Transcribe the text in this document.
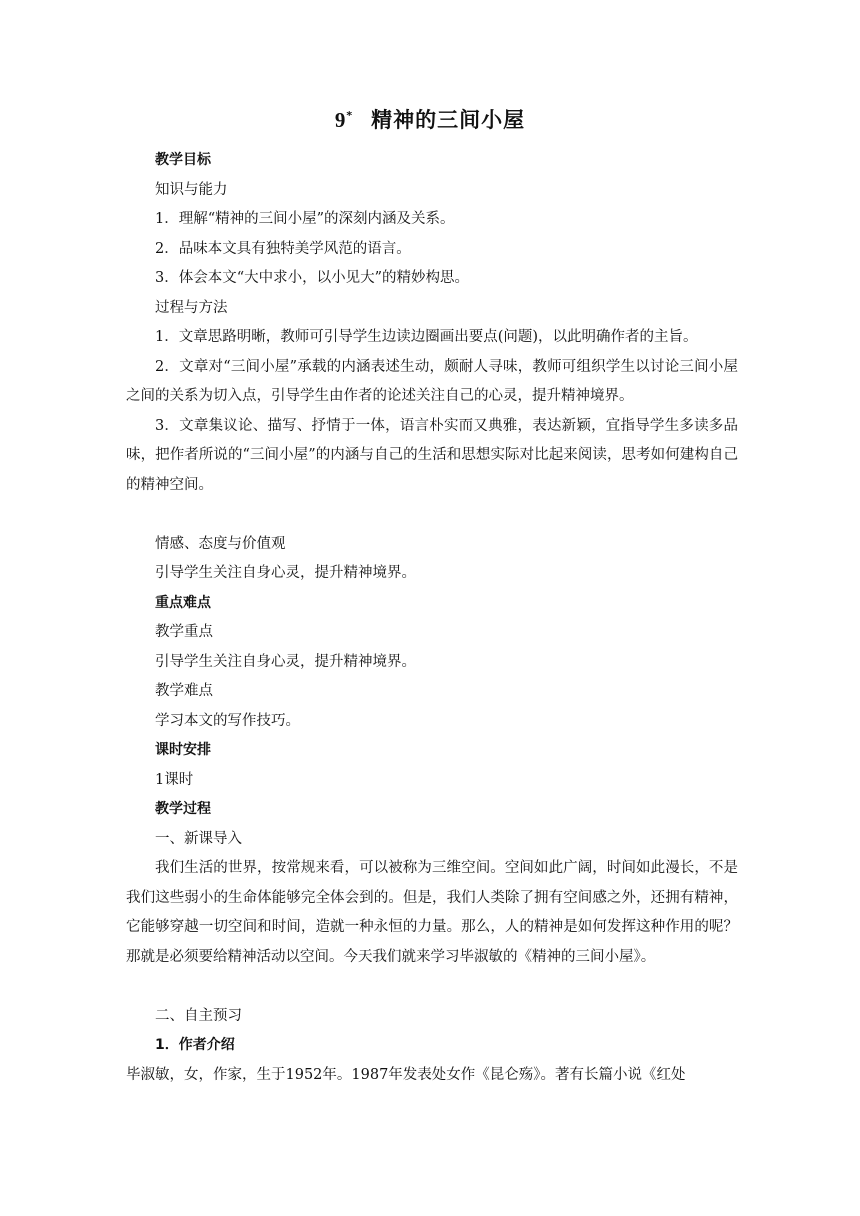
9* 精神的三间小屋

教学目标

知识与能力

1．理解“精神的三间小屋”的深刻内涵及关系。

2．品味本文具有独特美学风范的语言。

3．体会本文“大中求小，以小见大”的精妙构思。

过程与方法

1．文章思路明晰，教师可引导学生边读边圈画出要点(问题)，以此明确作者的主旨。

2．文章对“三间小屋”承载的内涵表述生动，颇耐人寻味，教师可组织学生以讨论三间小屋之间的关系为切入点，引导学生由作者的论述关注自己的心灵，提升精神境界。

3．文章集议论、描写、抒情于一体，语言朴实而又典雅，表达新颖，宜指导学生多读多品味，把作者所说的“三间小屋”的内涵与自己的生活和思想实际对比起来阅读，思考如何建构自己的精神空间。

情感、态度与价值观

引导学生关注自身心灵，提升精神境界。

重点难点

教学重点

引导学生关注自身心灵，提升精神境界。

教学难点

学习本文的写作技巧。

课时安排

1课时

教学过程

一、新课导入

我们生活的世界，按常规来看，可以被称为三维空间。空间如此广阔，时间如此漫长，不是我们这些弱小的生命体能够完全体会到的。但是，我们人类除了拥有空间感之外，还拥有精神，它能够穿越一切空间和时间，造就一种永恒的力量。那么，人的精神是如何发挥这种作用的呢？那就是必须要给精神活动以空间。今天我们就来学习毕淑敏的《精神的三间小屋》。

二、自主预习

1．作者介绍

毕淑敏，女，作家，生于1952年。1987年发表处女作《昆仑殇》。著有长篇小说《红处
